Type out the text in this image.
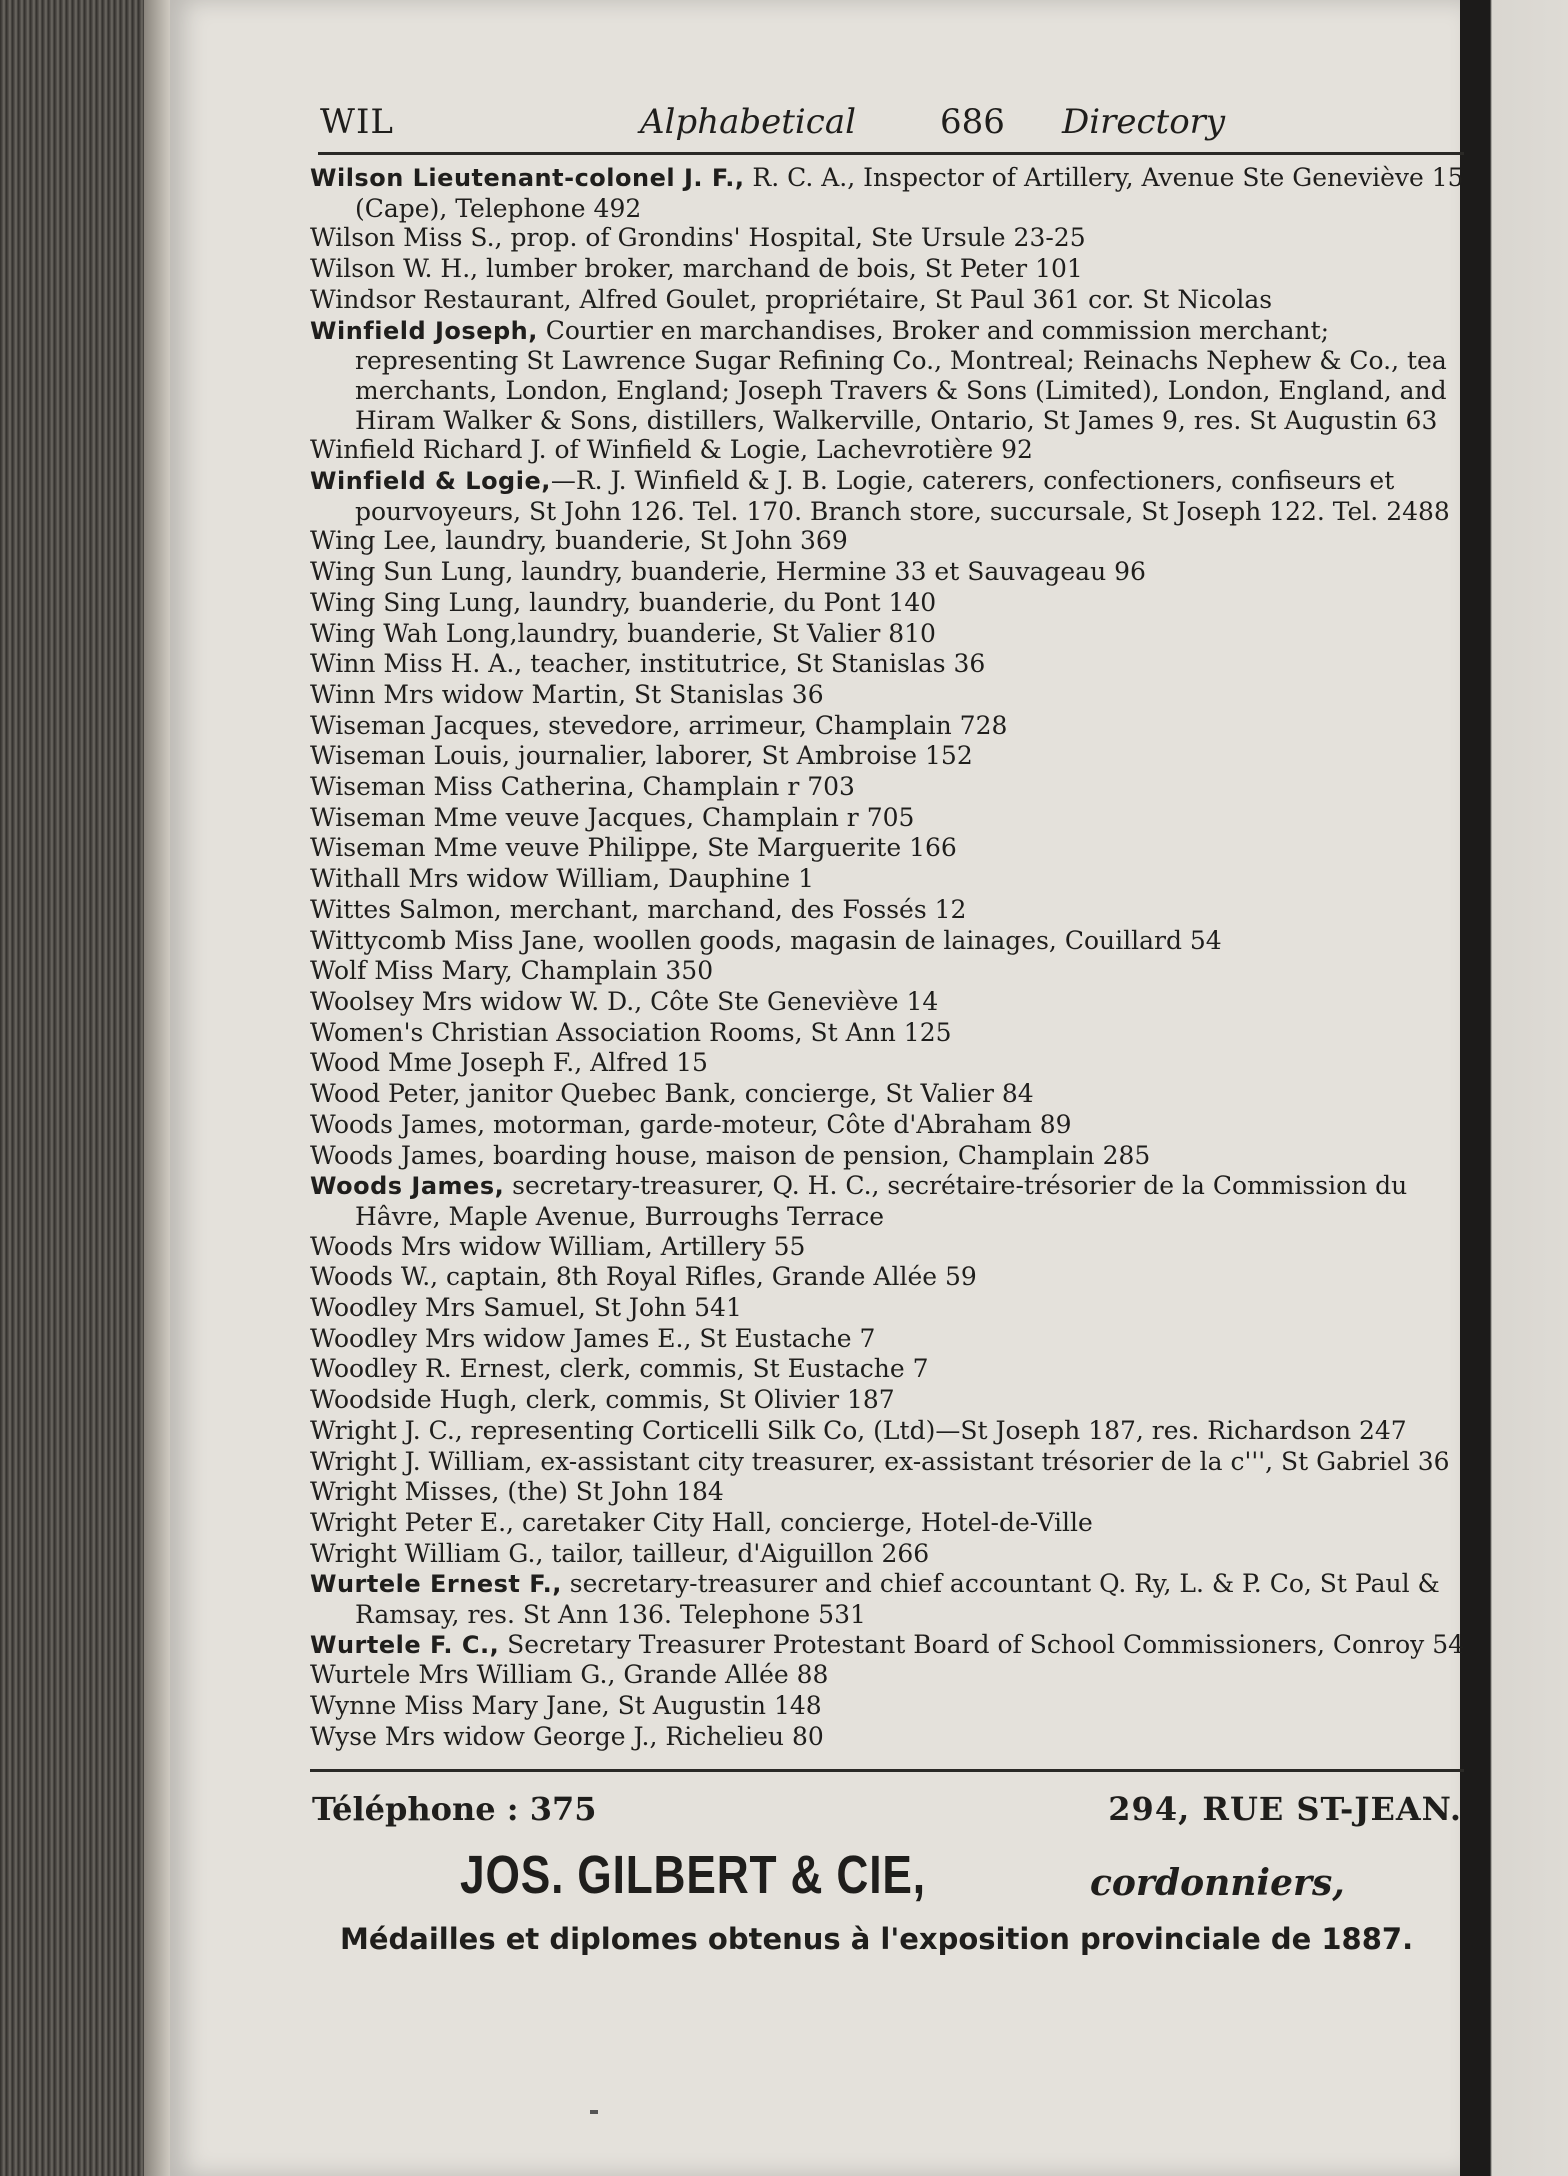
WIL	Alphabetical 686 Directory
Wilson Lieutenant-colonel J. F., R. C. A., Inspector of Artillery, Avenue Ste Geneviève 15 (Cape), Telephone 492
Wilson Miss S., prop. of Grondins' Hospital, Ste Ursule 23-25
Wilson W. H., lumber broker, marchand de bois, St Peter 101
Windsor Restaurant, Alfred Goulet, propriétaire, St Paul 361 cor. St Nicolas
Winfield Joseph, Courtier en marchandises, Broker and commission merchant; representing St Lawrence Sugar Refining Co., Montreal; Reinachs Nephew & Co., tea merchants, London, England; Joseph Travers & Sons (Limited), London, England, and Hiram Walker & Sons, distillers, Walkerville, Ontario, St James 9, res. St Augustin 63
Winfield Richard J. of Winfield & Logie, Lachevrotière 92
Winfield & Logie,—R. J. Winfield & J. B. Logie, caterers, confectioners, confiseurs et pourvoyeurs, St John 126. Tel. 170. Branch store, succursale, St Joseph 122. Tel. 2488
Wing Lee, laundry, buanderie, St John 369
Wing Sun Lung, laundry, buanderie, Hermine 33 et Sauvageau 96
Wing Sing Lung, laundry, buanderie, du Pont 140
Wing Wah Long,laundry, buanderie, St Valier 810
Winn Miss H. A., teacher, institutrice, St Stanislas 36
Winn Mrs widow Martin, St Stanislas 36
Wiseman Jacques, stevedore, arrimeur, Champlain 728
Wiseman Louis, journalier, laborer, St Ambroise 152
Wiseman Miss Catherina, Champlain r 703
Wiseman Mme veuve Jacques, Champlain r 705
Wiseman Mme veuve Philippe, Ste Marguerite 166
Withall Mrs widow William, Dauphine 1
Wittes Salmon, merchant, marchand, des Fossés 12
Wittycomb Miss Jane, woollen goods, magasin de lainages, Couillard 54
Wolf Miss Mary, Champlain 350
Woolsey Mrs widow W. D., Côte Ste Geneviève 14
Women's Christian Association Rooms, St Ann 125
Wood Mme Joseph F., Alfred 15
Wood Peter, janitor Quebec Bank, concierge, St Valier 84
Woods James, motorman, garde-moteur, Côte d'Abraham 89
Woods James, boarding house, maison de pension, Champlain 285
Woods James, secretary-treasurer, Q. H. C., secrétaire-trésorier de la Commission du Hâvre, Maple Avenue, Burroughs Terrace
Woods Mrs widow William, Artillery 55
Woods W., captain, 8th Royal Rifles, Grande Allée 59
Woodley Mrs Samuel, St John 541
Woodley Mrs widow James E., St Eustache 7
Woodley R. Ernest, clerk, commis, St Eustache 7
Woodside Hugh, clerk, commis, St Olivier 187
Wright J. C., representing Corticelli Silk Co, (Ltd)—St Joseph 187, res. Richardson 247
Wright J. William, ex-assistant city treasurer, ex-assistant trésorier de la c''', St Gabriel 36
Wright Misses, (the) St John 184
Wright Peter E., caretaker City Hall, concierge, Hotel-de-Ville
Wright William G., tailor, tailleur, d'Aiguillon 266
Wurtele Ernest F., secretary-treasurer and chief accountant Q. Ry, L. & P. Co, St Paul & Ramsay, res. St Ann 136. Telephone 531
Wurtele F. C., Secretary Treasurer Protestant Board of School Commissioners, Conroy 54
Wurtele Mrs William G., Grande Allée 88
Wynne Miss Mary Jane, St Augustin 148
Wyse Mrs widow George J., Richelieu 80
Téléphone : 375	294, RUE ST-JEAN.
JOS. GILBERT & CIE,	cordonniers,
Médailles et diplomes obtenus à l'exposition provinciale de 1887.
